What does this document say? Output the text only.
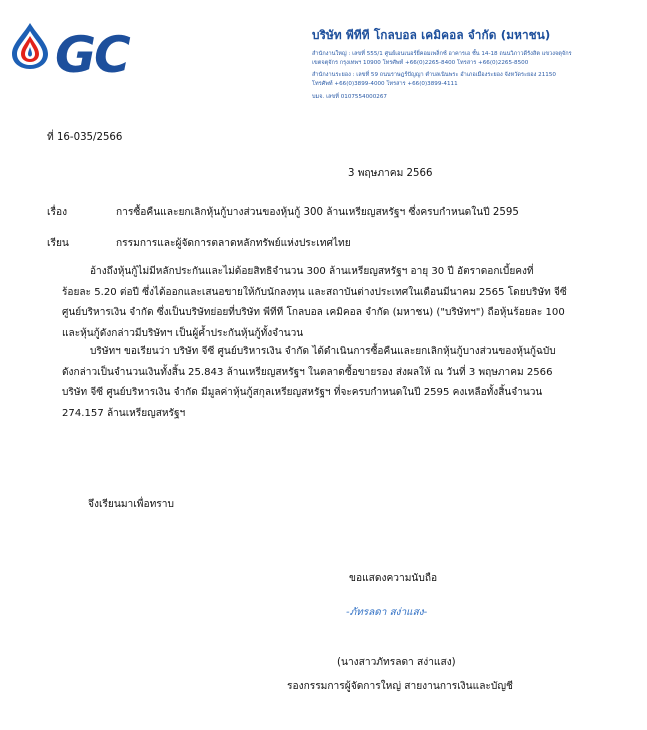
GC	บริษัท พีทีที โกลบอล เคมิคอล จำกัด (มหาชน)
สำนักงานใหญ่ : เลขที่ 555/1 ศูนย์เอนเนอร์ยี่คอมเพล็กซ์ อาคารเอ ชั้น 14-18 ถนนวิภาวดีรังสิต แขวงจตุจักร
เขตจตุจักร กรุงเทพฯ 10900 โทรศัพท์ +66(0)2265-8400 โทรสาร +66(0)2265-8500
สำนักงานระยอง : เลขที่ 59 ถนนราษฎร์ปัญญา ตำบลเนินพระ อำเภอเมืองระยอง จังหวัดระยอง 21150
โทรศัพท์ +66(0)3899-4000 โทรสาร +66(0)3899-4111
บมจ. เลขที่ 0107554000267
ที่ 16-035/2566
3 พฤษภาคม 2566
เรื่อง	การซื้อคืนและยกเลิกหุ้นกู้บางส่วนของหุ้นกู้ 300 ล้านเหรียญสหรัฐฯ ซึ่งครบกำหนดในปี 2595
เรียน	กรรมการและผู้จัดการตลาดหลักทรัพย์แห่งประเทศไทย
อ้างถึงหุ้นกู้ไม่มีหลักประกันและไม่ด้อยสิทธิจำนวน 300 ล้านเหรียญสหรัฐฯ อายุ 30 ปี อัตราดอกเบี้ยคงที่
ร้อยละ 5.20 ต่อปี ซึ่งได้ออกและเสนอขายให้กับนักลงทุน และสถาบันต่างประเทศในเดือนมีนาคม 2565 โดยบริษัท จีซี
ศูนย์บริหารเงิน จำกัด ซึ่งเป็นบริษัทย่อยที่บริษัท พีทีที โกลบอล เคมิคอล จำกัด (มหาชน) ("บริษัทฯ") ถือหุ้นร้อยละ 100
และหุ้นกู้ดังกล่าวมีบริษัทฯ เป็นผู้ค้ำประกันหุ้นกู้ทั้งจำนวน
บริษัทฯ ขอเรียนว่า บริษัท จีซี ศูนย์บริหารเงิน จำกัด ได้ดำเนินการซื้อคืนและยกเลิกหุ้นกู้บางส่วนของหุ้นกู้ฉบับ
ดังกล่าวเป็นจำนวนเงินทั้งสิ้น 25.843 ล้านเหรียญสหรัฐฯ ในตลาดซื้อขายรอง ส่งผลให้ ณ วันที่ 3 พฤษภาคม 2566
บริษัท จีซี ศูนย์บริหารเงิน จำกัด มีมูลค่าหุ้นกู้สกุลเหรียญสหรัฐฯ ที่จะครบกำหนดในปี 2595 คงเหลือทั้งสิ้นจำนวน
274.157 ล้านเหรียญสหรัฐฯ
จึงเรียนมาเพื่อทราบ
ขอแสดงความนับถือ
-ภัทรลดา สง่าแสง-
(นางสาวภัทรลดา สง่าแสง)
รองกรรมการผู้จัดการใหญ่ สายงานการเงินและบัญชี
